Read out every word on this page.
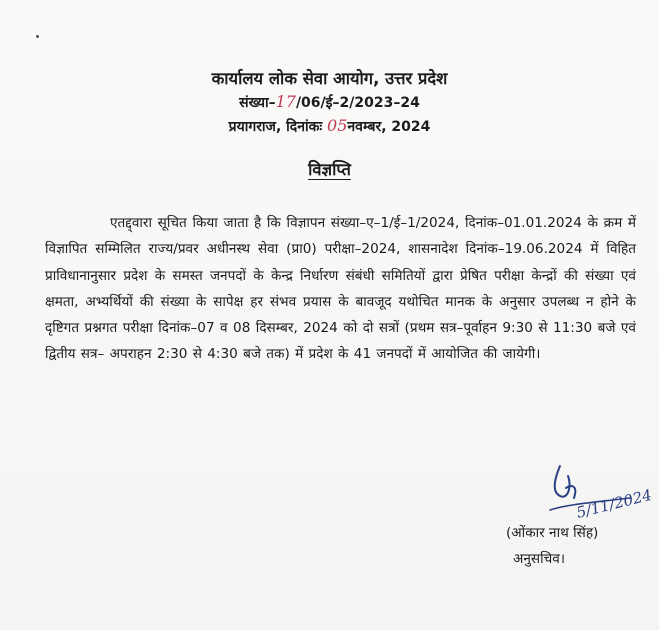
कार्यालय लोक सेवा आयोग, उत्तर प्रदेश
संख्या–17/06/ई–2/2023–24
प्रयागराज, दिनांकः 05नवम्बर, 2024
विज्ञप्ति
एतद्द्वारा सूचित किया जाता है कि विज्ञापन संख्या–ए–1/ई–1/2024, दिनांक–01.01.2024 के क्रम में विज्ञापित सम्मिलित राज्य/प्रवर अधीनस्थ सेवा (प्रा0) परीक्षा–2024, शासनादेश दिनांक–19.06.2024 में विहित प्राविधानानुसार प्रदेश के समस्त जनपदों के केन्द्र निर्धारण संबंधी समितियों द्वारा प्रेषित परीक्षा केन्द्रों की संख्या एवं क्षमता, अभ्यर्थियों की संख्या के सापेक्ष हर संभव प्रयास के बावजूद यथोचित मानक के अनुसार उपलब्ध न होने के दृष्टिगत प्रश्नगत परीक्षा दिनांक–07 व 08 दिसम्बर, 2024 को दो सत्रों (प्रथम सत्र–पूर्वाहन 9:30 से 11:30 बजे एवं द्वितीय सत्र– अपराहन 2:30 से 4:30 बजे तक) में प्रदेश के 41 जनपदों में आयोजित की जायेगी।
5/11/2024
(ओंकार नाथ सिंह)
अनुसचिव।
